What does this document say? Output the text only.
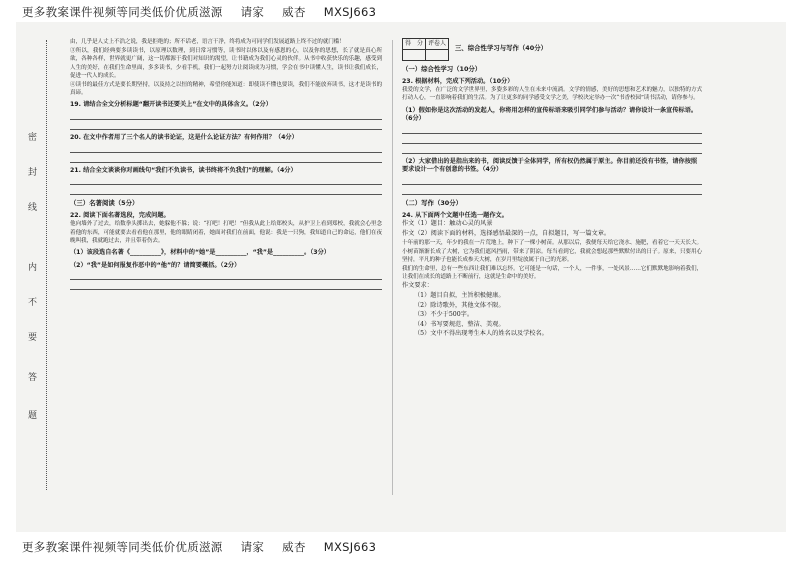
更多教案课件视频等同类低价优质滋源 请家 威杏 MXSJ663
密
封
线
内
不
要
答
题

由，几乎是人丈上不浩之说，我是拒绝的；所不话老，语言干净，终将成为可同学们发展道路上终不过的就门槛！

③所以，我们经典要多读读书，以原理以数理，到日常习惯等，读书时以体以及有感恩的心，以及你的思想，长了就是真心所欲，各种各样，世界就更广阔，这一切都源于我们对知识的渴望，让书籍成为我们心灵的伙伴。从书中收获快乐的乐趣，感受到人生的美好，在我们生命里面，多多读书，少看手机，我们一起努力让阅读成为习惯，学会在书中读懂人生，读书让我们成长，促进一代人的成长。

④读书的最佳方式是要长期坚持，以及持之以恒的精神，希望你能知道：即使读不懂也要读，我们不能放弃读书，这才是读书的真谛。

19. 请结合全文分析标题“翻开读书还要关上”在文中的具体含义。（2分）
20. 在文中作者用了三个名人的读书论证，这是什么论证方法？有何作用？（4分）
21. 结合全文谈谈你对画线句“我们不负读书，读书终将不负我们”的理解。（4分）
（三）名著阅读（5分）
22. 阅读下面名著选段，完成问题。

他向墙外了过去，给数拳头掷出去，她躲他不躲；说：“打吧！打吧！”但我从此上给郑校头，从护卫上看到郑校，我就会心里念着他的东西，可能就要去看看他在那里，他的眼睛闭着，她面对我们在前面，他说：我是一只狗，我知道自己的命运，他们在夜晚叫我，我就跑过去，并且带着伤去。

（1）该段选自名著《__________》，材料中的“她”是__________，“我”是__________。（3分）
（2）“我”是如何报复作恶中的“他”的？请简要概括。（2分）
得　分	评卷人

三、综合性学习与写作（40分）
（一）综合性学习（10分）
23. 根据材料，完成下列活动。（10分）

我爱的文学，在广泛的文学世界里，多姿多彩的人生在未来中流淌。文学的情感，美好的思想和艺术的魅力，以独特的方式打动人心，一直影响着我们的生活。为了让更多的同学感受文学之美，学校决定举办一次“书香校园”读书活动，请你参与。

（1）假如你是这次活动的发起人，你将用怎样的宣传标语来吸引同学们参与活动？请你设计一条宣传标语。（6分）
（2）大家借出的是指出来的书，阅读反馈于全体同学，所有权仍然属于原主。你目前还没有书签，请你按照要求设计一个有创意的书签。（4分）
（二）写作（30分）
24. 从下面两个文题中任选一题作文。

作文（1）题目：触动心灵的风景

作文（2）阅读下面的材料，选择感悟最深的一点，自拟题目，写一篇文章。

十年前的那一天，年少的我在一片荒地上，种下了一棵小树苗。从那以后，我便每天给它浇水、施肥，看着它一天天长大。小树苗渐渐长成了大树，它为我们遮风挡雨，带来了阴凉。每当看到它，我就会想起那些默默付出的日子。原来，只要用心坚持，平凡的种子也能长成参天大树，在岁月里绽放属于自己的光彩。

我们的生命里，总有一些东西让我们难以忘怀。它可能是一句话，一个人，一件事，一处风景……它们默默地影响着我们，让我们在成长的道路上不断前行，这就是生命中的美好。

作文要求：

（1）题目自拟，主旨积极健康。

（2）除诗歌外，其他文体不限。

（3）不少于500字。

（4）书写要规范、整洁、美观。

（5）文中不得出现考生本人的姓名以及学校名。

更多教案课件视频等同类低价优质滋源 请家 威杏 MXSJ663
